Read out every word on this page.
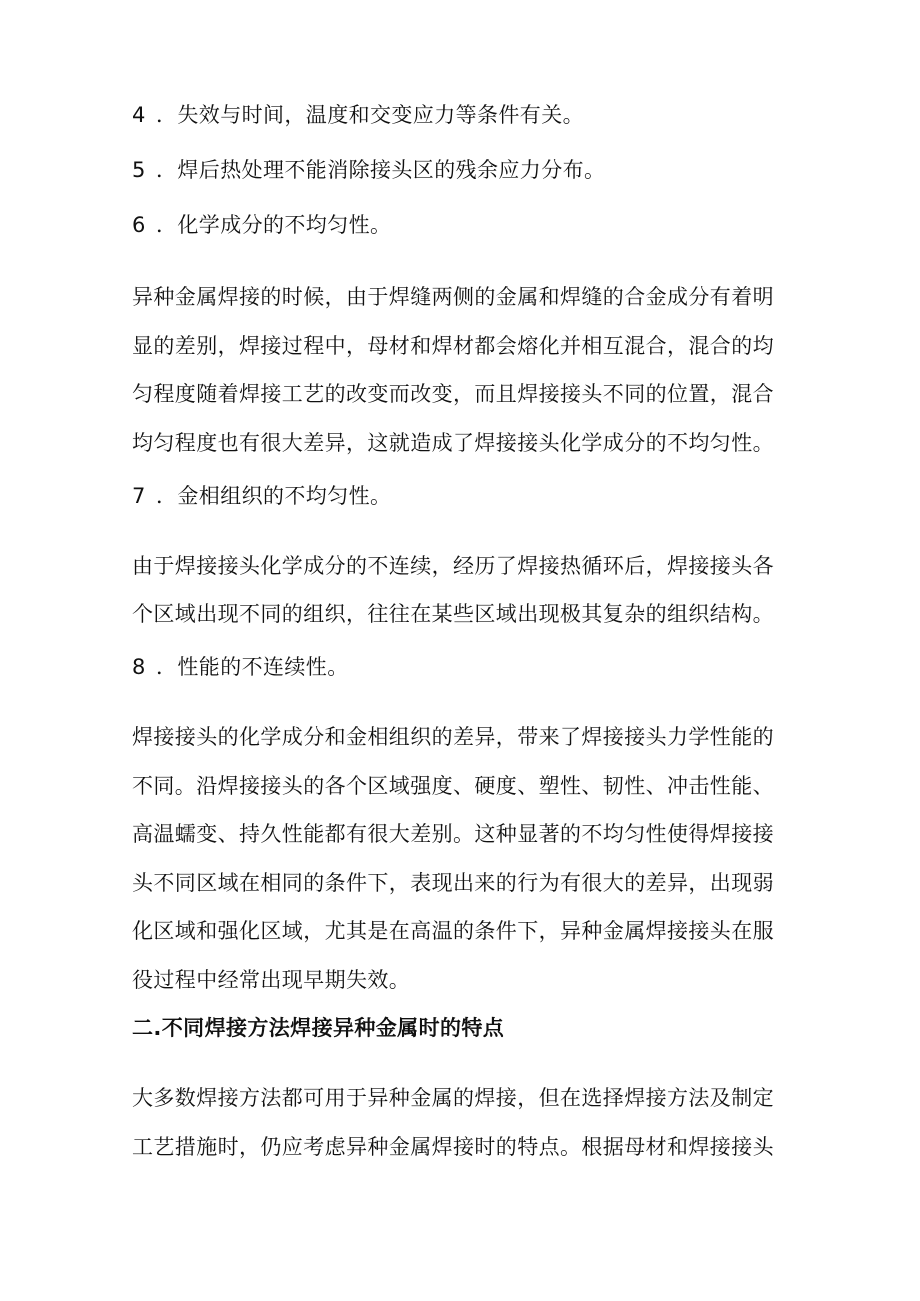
4 ．失效与时间，温度和交变应力等条件有关。
5 ．焊后热处理不能消除接头区的残余应力分布。
6 ．化学成分的不均匀性。
异种金属焊接的时候，由于焊缝两侧的金属和焊缝的合金成分有着明
显的差别，焊接过程中，母材和焊材都会熔化并相互混合，混合的均
匀程度随着焊接工艺的改变而改变，而且焊接接头不同的位置，混合
均匀程度也有很大差异，这就造成了焊接接头化学成分的不均匀性。
7 ．金相组织的不均匀性。
由于焊接接头化学成分的不连续，经历了焊接热循环后，焊接接头各
个区域出现不同的组织，往往在某些区域出现极其复杂的组织结构。
8 ．性能的不连续性。
焊接接头的化学成分和金相组织的差异，带来了焊接接头力学性能的
不同。沿焊接接头的各个区域强度、硬度、塑性、韧性、冲击性能、
高温蠕变、持久性能都有很大差别。这种显著的不均匀性使得焊接接
头不同区域在相同的条件下，表现出来的行为有很大的差异，出现弱
化区域和强化区域，尤其是在高温的条件下，异种金属焊接接头在服
役过程中经常出现早期失效。
二.不同焊接方法焊接异种金属时的特点
大多数焊接方法都可用于异种金属的焊接，但在选择焊接方法及制定
工艺措施时，仍应考虑异种金属焊接时的特点。根据母材和焊接接头
